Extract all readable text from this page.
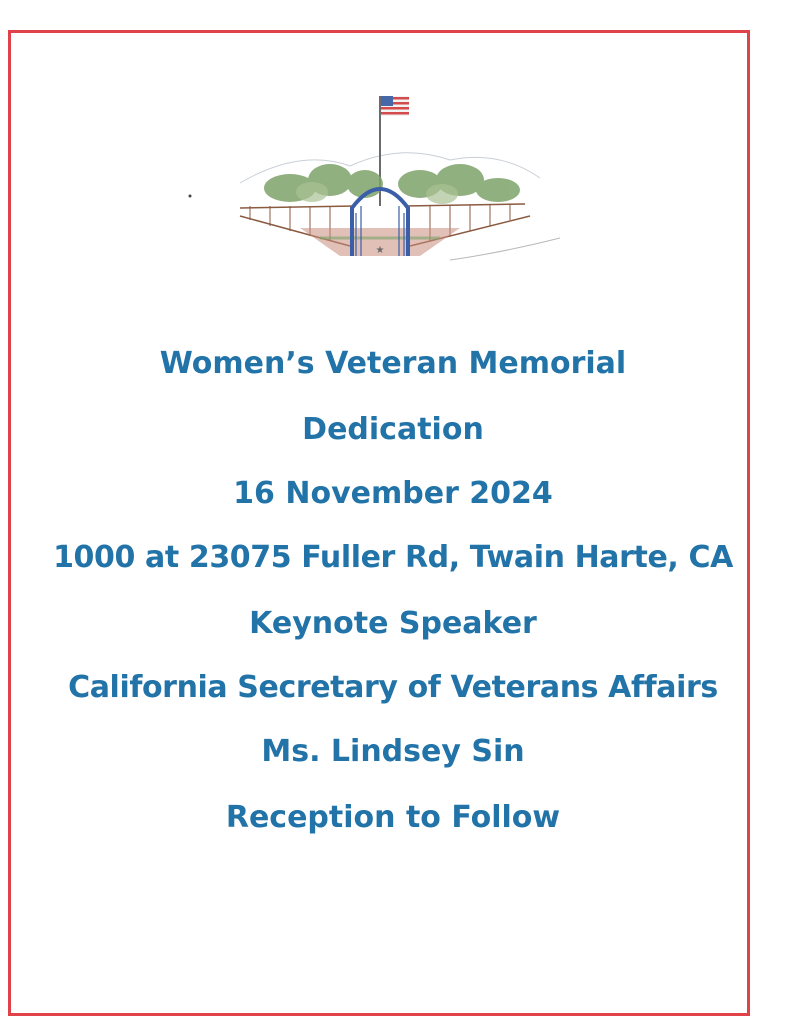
★
Women’s Veteran Memorial
Dedication
16 November 2024
1000 at 23075 Fuller Rd, Twain Harte, CA
Keynote Speaker
California Secretary of Veterans Affairs
Ms. Lindsey Sin
Reception to Follow
